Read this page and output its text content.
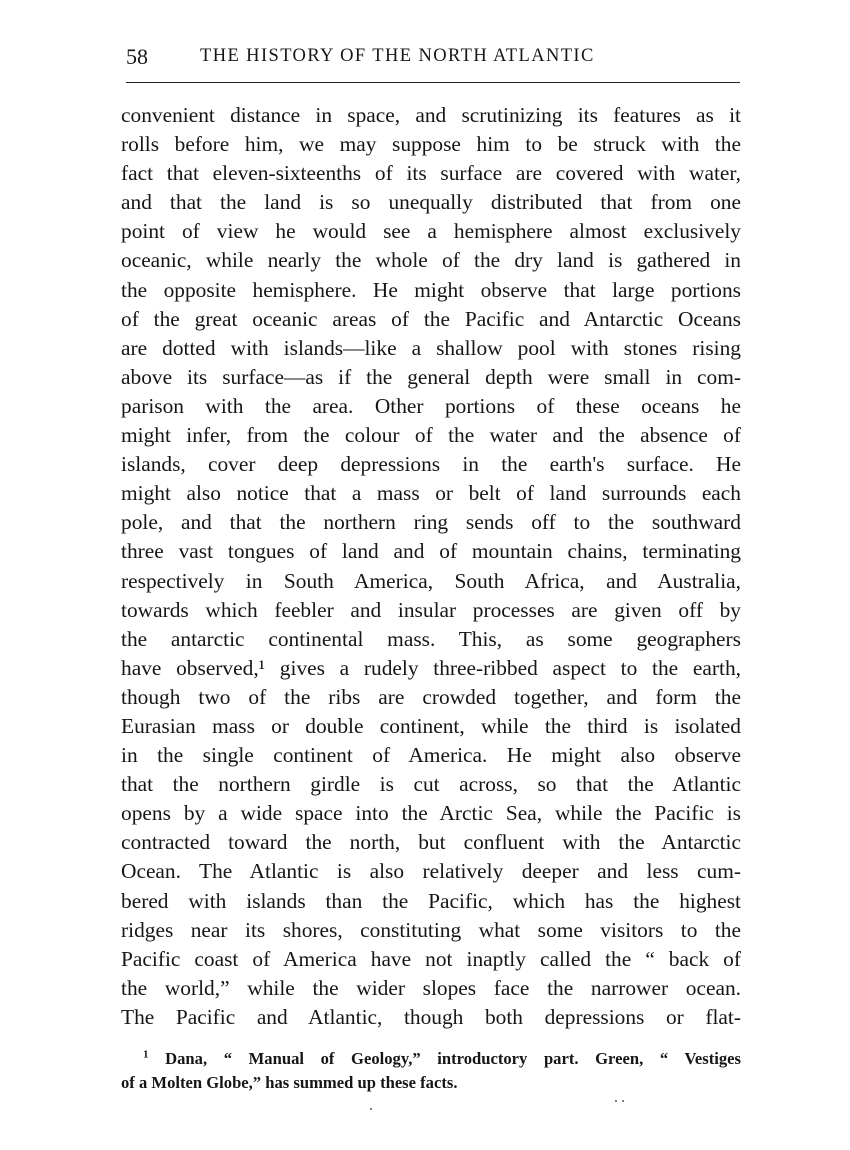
58	THE HISTORY OF THE NORTH ATLANTIC
convenient distance in space, and scrutinizing its features as it
rolls before him, we may suppose him to be struck with the
fact that eleven-sixteenths of its surface are covered with water,
and that the land is so unequally distributed that from one
point of view he would see a hemisphere almost exclusively
oceanic, while nearly the whole of the dry land is gathered in
the opposite hemisphere. He might observe that large portions
of the great oceanic areas of the Pacific and Antarctic Oceans
are dotted with islands—like a shallow pool with stones rising
above its surface—as if the general depth were small in com-
parison with the area. Other portions of these oceans he
might infer, from the colour of the water and the absence of
islands, cover deep depressions in the earth's surface. He
might also notice that a mass or belt of land surrounds each
pole, and that the northern ring sends off to the southward
three vast tongues of land and of mountain chains, terminating
respectively in South America, South Africa, and Australia,
towards which feebler and insular processes are given off by
the antarctic continental mass. This, as some geographers
have observed,¹ gives a rudely three-ribbed aspect to the earth,
though two of the ribs are crowded together, and form the
Eurasian mass or double continent, while the third is isolated
in the single continent of America. He might also observe
that the northern girdle is cut across, so that the Atlantic
opens by a wide space into the Arctic Sea, while the Pacific is
contracted toward the north, but confluent with the Antarctic
Ocean. The Atlantic is also relatively deeper and less cum-
bered with islands than the Pacific, which has the highest
ridges near its shores, constituting what some visitors to the
Pacific coast of America have not inaptly called the “ back of
the world,” while the wider slopes face the narrower ocean.
The Pacific and Atlantic, though both depressions or flat-
$^1$ Dana, “ Manual of Geology,” introductory part. Green, “ Vestiges
of a Molten Globe,” has summed up these facts.
